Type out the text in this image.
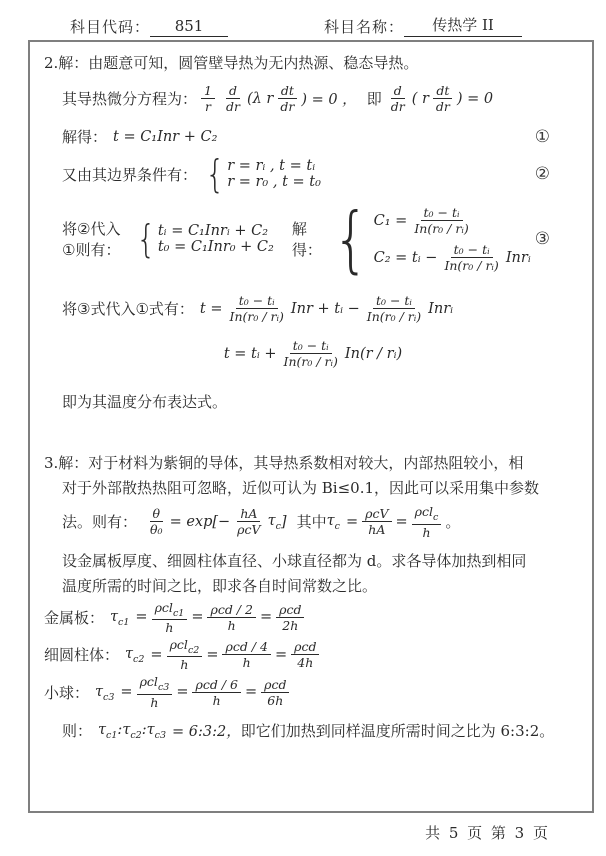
科目代码：	851	科目名称：	传热学 II
2.解：由题意可知，圆管壁导热为无内热源、稳态导热。
其导热微分方程为： $\frac{1}{r} \frac{d}{dr} (\lambda$ r $\frac{dt}{dr}$ ) = 0 ， 即 $\frac{d}{dr}$ ( r $\frac{dt}{dr}$ ) = 0
解得： t = C₁Inr + C₂	①
又由其边界条件有： { r = rᵢ , t = tᵢ
r = r₀ , t = t₀	②
将②代入①则有： { tᵢ = C₁Inrᵢ + C₂
t₀ = C₁Inr₀ + C₂
解得： { $C_1 = \frac{\text{t₀ − tᵢ}}{\text{In(r₀ / rᵢ)}}$
C₂ = tᵢ − $\frac{\text{t₀ − tᵢ}}{\text{In(r₀ / rᵢ)}}$ Inrᵢ
③
将③式代入①式有： $t = \frac{\text{t₀ − tᵢ}}{\text{In(r₀ / rᵢ)}}$ Inr + tᵢ − $\frac{\text{t₀ − tᵢ}}{\text{In(r₀ / rᵢ)}}$ Inrᵢ
t = tᵢ + $\frac{\text{t₀ − tᵢ}}{\text{In(r₀ / rᵢ)}} In(r$ / rᵢ)
即为其温度分布表达式。
3.解：对于材料为紫铜的导体，其导热系数相对较大，内部热阻较小，相
对于外部散热热阻可忽略，近似可认为 Bi≤0.1，因此可以采用集中参数
法。则有： $\frac{\theta}{\text{θ₀}} = \exp[- \frac{hA}{\text{ρcV}} \tau_c$ ] 其中 $\tau_c = \frac{\text{ρcV}}{hA} = \frac{\rho cl_c}{h}$ 。
设金属板厚度、细圆柱体直径、小球直径都为 d。求各导体加热到相同
温度所需的时间之比，即求各自时间常数之比。
金属板： $\tau_{c1} = \frac{\rho cl_{c1}}{h} = \frac{\text{ρcd / 2}}{h} = \frac{\text{ρcd}}{2h}$
细圆柱体： $\tau_{c2} = \frac{\rho cl_{c2}}{h} = \frac{\text{ρcd / 4}}{h} = \frac{\text{ρcd}}{4h}$
小球： $\tau_{c3} = \frac{\rho cl_{c3}}{h} = \frac{\text{ρcd / 6}}{h} = \frac{\text{ρcd}}{6h}$
则： $\tau_{c1}$ : $\tau_{c2}$ : $\tau_{c3}$ = 6:3:2， 即它们加热到同样温度所需时间之比为 6:3:2。
共 5 页 第 3 页
